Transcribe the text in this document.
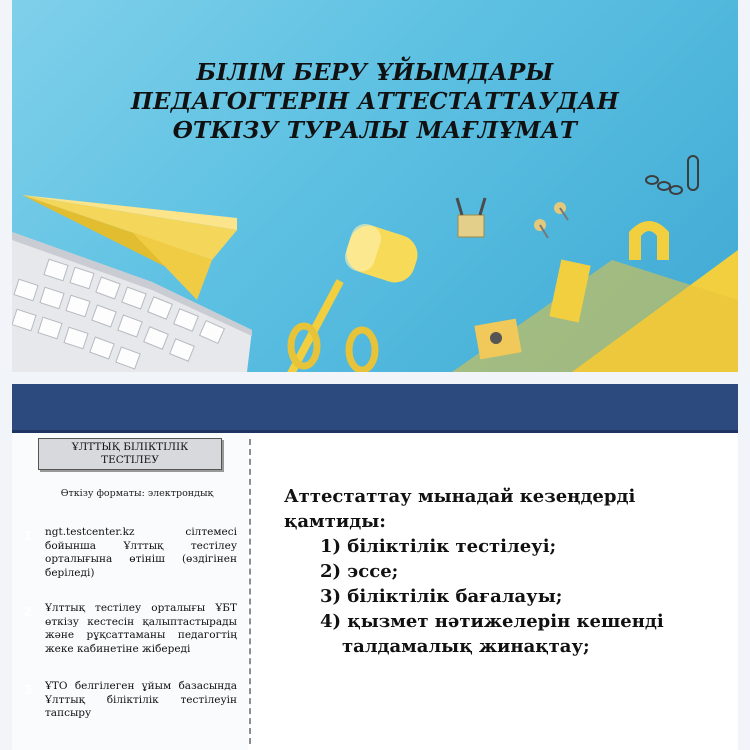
БІЛІМ БЕРУ ҰЙЫМДАРЫ
ПЕДАГОГТЕРІН АТТЕСТАТТАУДАН
ӨТКІЗУ ТУРАЛЫ МАҒЛҰМАТ
ҰЛТТЫҚ БІЛІКТІЛІК ТЕСТІЛЕУ
Өткізу форматы: электрондық
1 ngt.testcenter.kz сілтемесі бойынша Ұлттық тестілеу орталығына өтініш (өздігінен беріледі)
2 Ұлттық тестілеу орталығы ҰБТ өткізу кестесін қалыптастырады және рұқсаттаманы педагогтің жеке кабинетіне жібереді
3 ҰТО белгілеген ұйым базасында Ұлттық біліктілік тестілеуін тапсыру
Аттестаттау мынадай кезеңдерді
қамтиды:
1) біліктілік тестілеуі;
2) эссе;
3) біліктілік бағалауы;
4) қызмет нәтижелерін кешенді
талдамалық жинақтау;
